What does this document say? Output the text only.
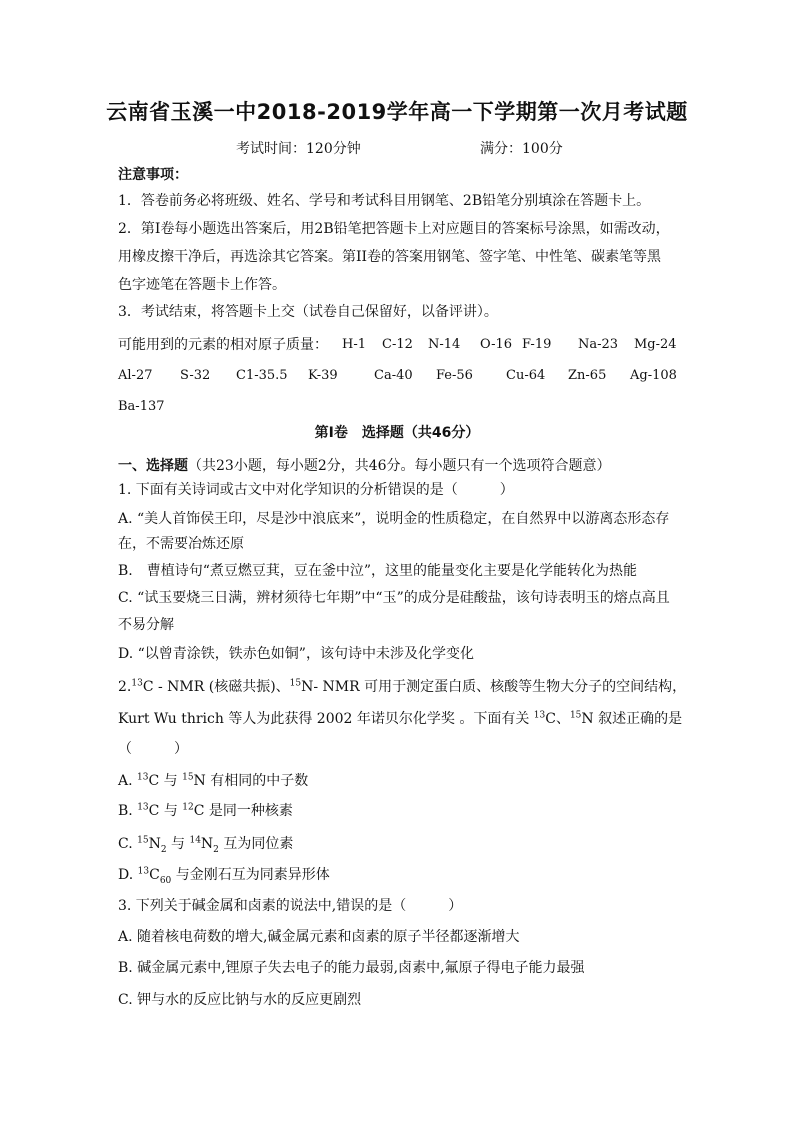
云南省玉溪一中2018-2019学年高一下学期第一次月考试题
考试时间：120分钟	满分：100分
注意事项：
1．答卷前务必将班级、姓名、学号和考试科目用钢笔、2B铅笔分别填涂在答题卡上。
2．第I卷每小题选出答案后，用2B铅笔把答题卡上对应题目的答案标号涂黑，如需改动，
用橡皮擦干净后，再选涂其它答案。第II卷的答案用钢笔、签字笔、中性笔、碳素笔等黑
色字迹笔在答题卡上作答。
3．考试结束，将答题卡上交（试卷自己保留好，以备评讲）。
可能用到的元素的相对原子质量：	H-1 C-12 N-14 O-16 F-19 Na-23 Mg-24
Al-27 S-32 C1-35.5 K-39	Ca-40 Fe-56	Cu-64 Zn-65 Ag-108
Ba-137
第I卷　选择题（共46分）
一、选择题（共23小题，每小题2分，共46分。每小题只有一个选项符合题意）
1. 下面有关诗词或古文中对化学知识的分析错误的是（　　　）
A. “美人首饰侯王印，尽是沙中浪底来”，说明金的性质稳定，在自然界中以游离态形态存
在，不需要冶炼还原
B.　曹植诗句“煮豆燃豆萁，豆在釜中泣”，这里的能量变化主要是化学能转化为热能
C. “试玉要烧三日满，辨材须待七年期”中“玉”的成分是硅酸盐，该句诗表明玉的熔点高且
不易分解
D. “以曾青涂铁，铁赤色如铜”，该句诗中未涉及化学变化
2.13C - NMR (核磁共振)、$^{15}$N- NMR 可用于测定蛋白质、核酸等生物大分子的空间结构，
Kurt Wu thrich 等人为此获得 2002 年诺贝尔化学奖 。下面有关 $^{13}$C、$^{15}$N 叙述正确的是
（　　　）
A. $^{13}$C 与 $^{15}$N 有相同的中子数
B. $^{13}$C 与 $^{12}$C 是同一种核素
C. $^{15}N_2$ 与 $^{14}N_2$ 互为同位素
D. $^{13}C_{60}$ 与金刚石互为同素异形体
3. 下列关于碱金属和卤素的说法中,错误的是（　　　）
A. 随着核电荷数的增大,碱金属元素和卤素的原子半径都逐渐增大
B. 碱金属元素中,锂原子失去电子的能力最弱,卤素中,氟原子得电子能力最强
C. 钾与水的反应比钠与水的反应更剧烈
